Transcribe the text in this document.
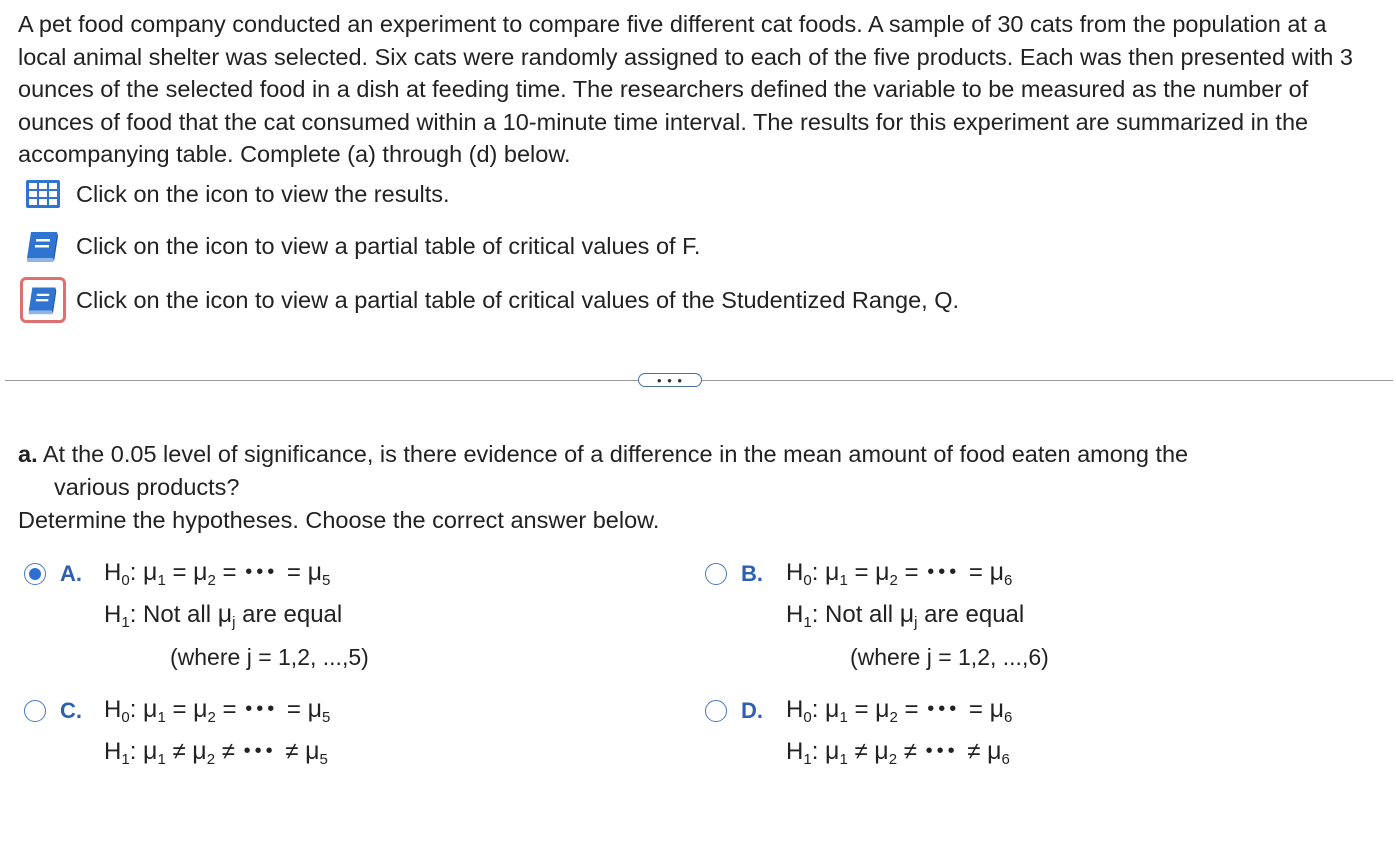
A pet food company conducted an experiment to compare five different cat foods. A sample of 30 cats from the population at a local animal shelter was selected. Six cats were randomly assigned to each of the five products. Each was then presented with 3 ounces of the selected food in a dish at feeding time. The researchers defined the variable to be measured as the number of ounces of food that the cat consumed within a 10-minute time interval. The results for this experiment are summarized in the accompanying table. Complete (a) through (d) below.

Click on the icon to view the results.
Click on the icon to view a partial table of critical values of F.
Click on the icon to view a partial table of critical values of the Studentized Range, Q.
• • •
a. At the 0.05 level of significance, is there evidence of a difference in the mean amount of food eaten among the
various products?
Determine the hypotheses. Choose the correct answer below.
A. $H_0$: $\mu_1 = \mu_2$ = ••• = $\mu_5$
$H_1$: Not all $\mu_j$ are equal
(where j = 1,2, ...,5)
B. $H_0$: $\mu_1 = \mu_2$ = ••• = $\mu_6$
$H_1$: Not all $\mu_j$ are equal
(where j = 1,2, ...,6)
C. $H_0$: $\mu_1 = \mu_2$ = ••• = $\mu_5$
$H_1$: $\mu_1 \ne \mu_2$ ≠ ••• ≠ $\mu_5$
D. $H_0$: $\mu_1 = \mu_2$ = ••• = $\mu_6$
$H_1$: $\mu_1 \ne \mu_2$ ≠ ••• ≠ $\mu_6$
